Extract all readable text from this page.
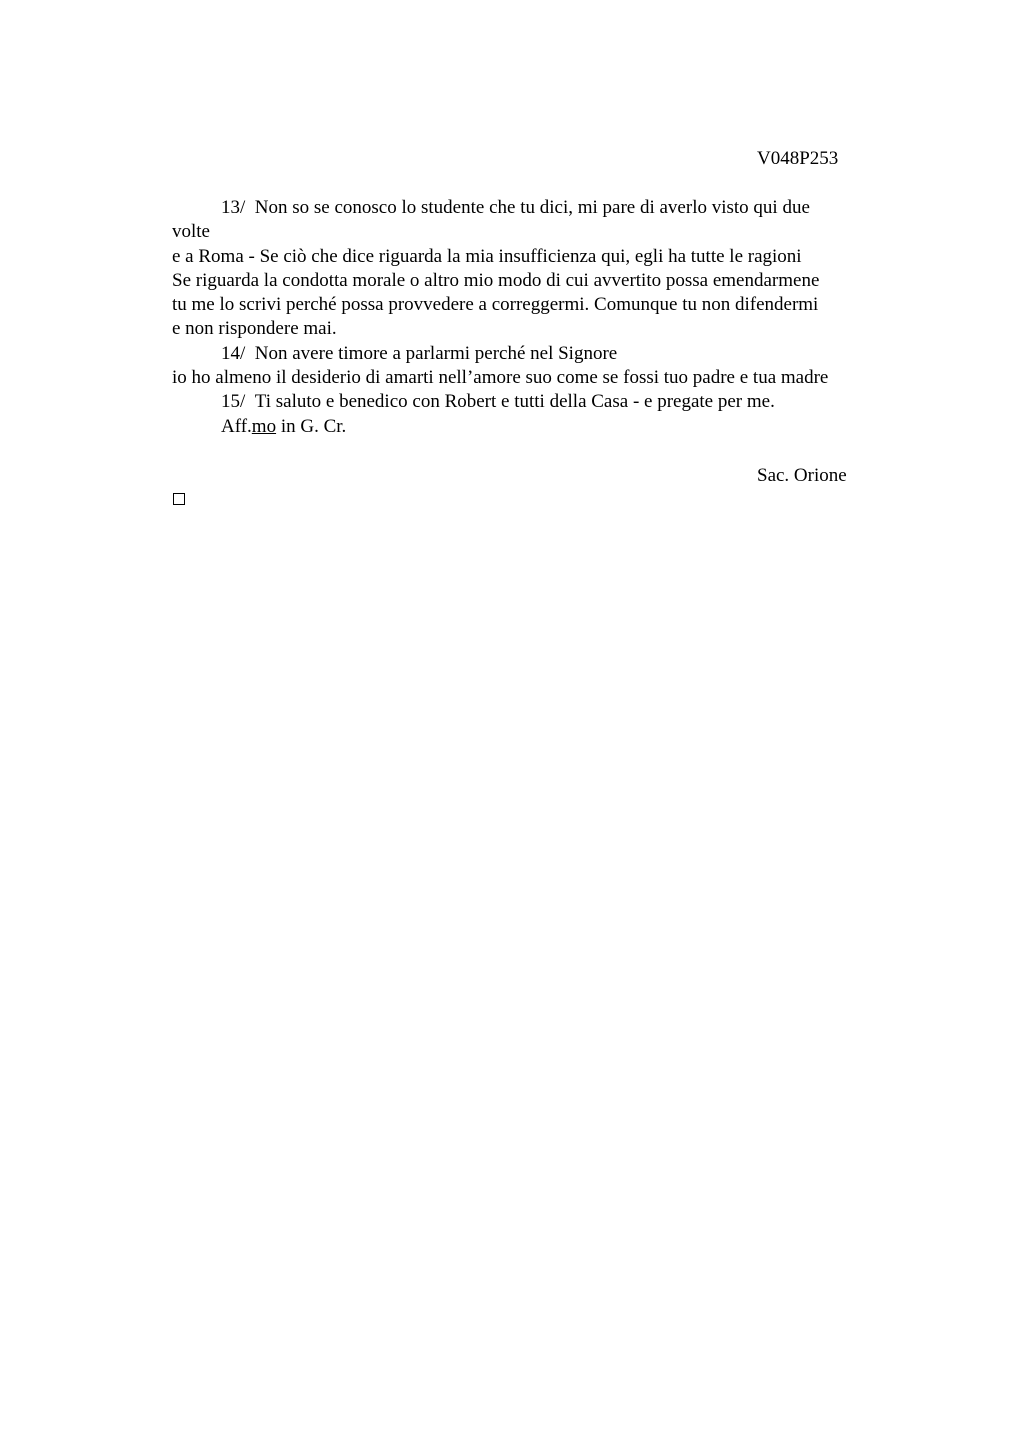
V048P253
13/ Non so se conosco lo studente che tu dici, mi pare di averlo visto qui due
volte
e a Roma - Se ciò che dice riguarda la mia insufficienza qui, egli ha tutte le ragioni
Se riguarda la condotta morale o altro mio modo di cui avvertito possa emendarmene
tu me lo scrivi perché possa provvedere a correggermi. Comunque tu non difendermi
e non rispondere mai.
14/ Non avere timore a parlarmi perché nel Signore
io ho almeno il desiderio di amarti nell’amore suo come se fossi tuo padre e tua madre
15/ Ti saluto e benedico con Robert e tutti della Casa - e pregate per me.
Aff.mo in G. Cr.
Sac. Orione
